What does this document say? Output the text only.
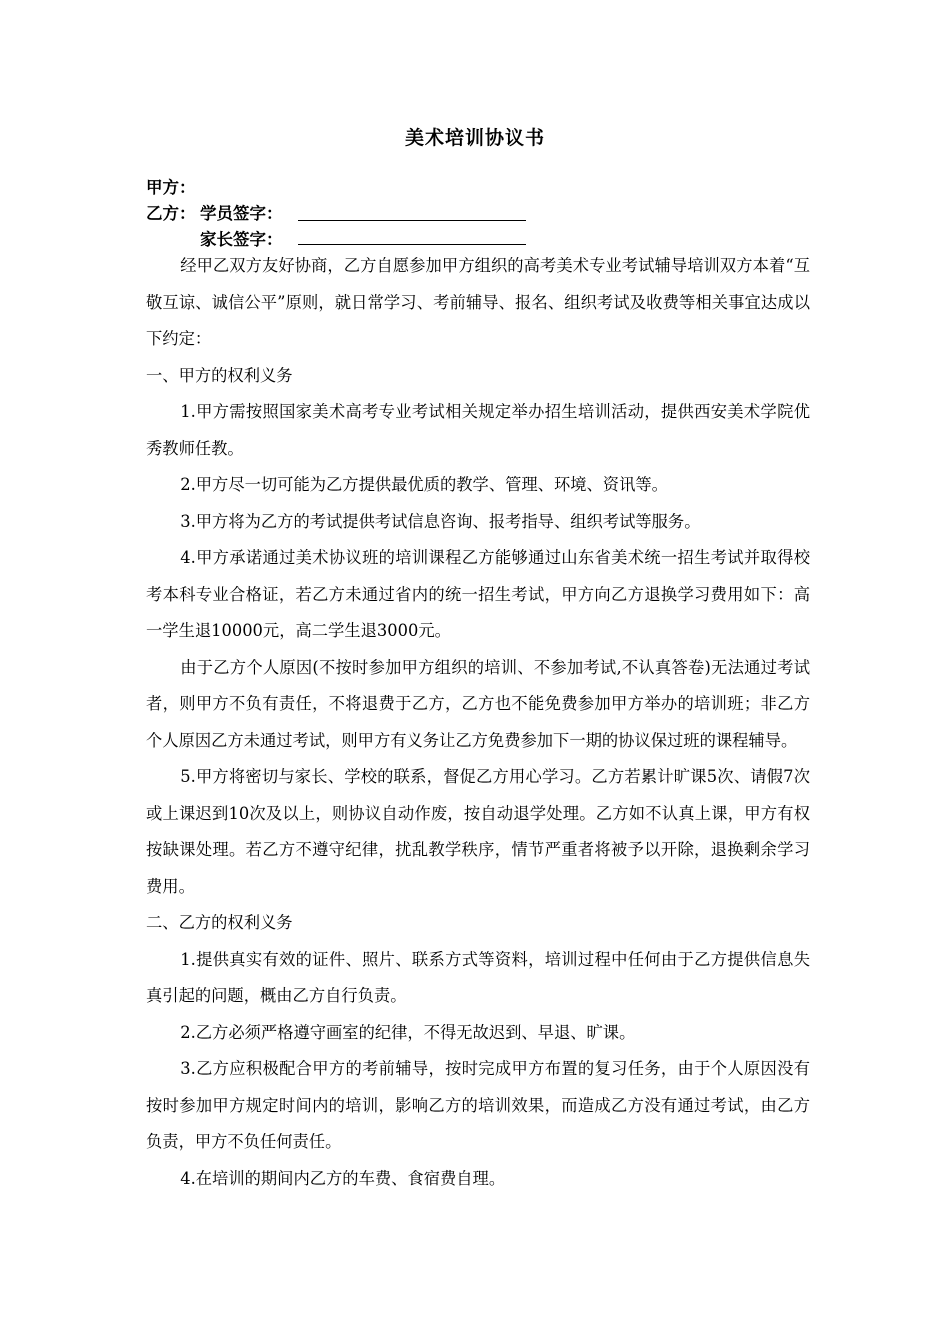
美术培训协议书
甲方：
乙方： 学员签字：
家长签字：

经甲乙双方友好协商，乙方自愿参加甲方组织的高考美术专业考试辅导培训双方本着“互敬互谅、诚信公平”原则，就日常学习、考前辅导、报名、组织考试及收费等相关事宜达成以下约定：

一、甲方的权利义务

1.甲方需按照国家美术高考专业考试相关规定举办招生培训活动，提供西安美术学院优秀教师任教。

2.甲方尽一切可能为乙方提供最优质的教学、管理、环境、资讯等。

3.甲方将为乙方的考试提供考试信息咨询、报考指导、组织考试等服务。

4.甲方承诺通过美术协议班的培训课程乙方能够通过山东省美术统一招生考试并取得校考本科专业合格证，若乙方未通过省内的统一招生考试，甲方向乙方退换学习费用如下：高一学生退10000元，高二学生退3000元。

由于乙方个人原因(不按时参加甲方组织的培训、不参加考试,不认真答卷)无法通过考试者，则甲方不负有责任，不将退费于乙方，乙方也不能免费参加甲方举办的培训班；非乙方个人原因乙方未通过考试，则甲方有义务让乙方免费参加下一期的协议保过班的课程辅导。

5.甲方将密切与家长、学校的联系，督促乙方用心学习。乙方若累计旷课5次、请假7次或上课迟到10次及以上，则协议自动作废，按自动退学处理。乙方如不认真上课，甲方有权按缺课处理。若乙方不遵守纪律，扰乱教学秩序，情节严重者将被予以开除，退换剩余学习费用。

二、乙方的权利义务

1.提供真实有效的证件、照片、联系方式等资料，培训过程中任何由于乙方提供信息失真引起的问题，概由乙方自行负责。

2.乙方必须严格遵守画室的纪律，不得无故迟到、早退、旷课。

3.乙方应积极配合甲方的考前辅导，按时完成甲方布置的复习任务，由于个人原因没有按时参加甲方规定时间内的培训，影响乙方的培训效果，而造成乙方没有通过考试，由乙方负责，甲方不负任何责任。

4.在培训的期间内乙方的车费、食宿费自理。
